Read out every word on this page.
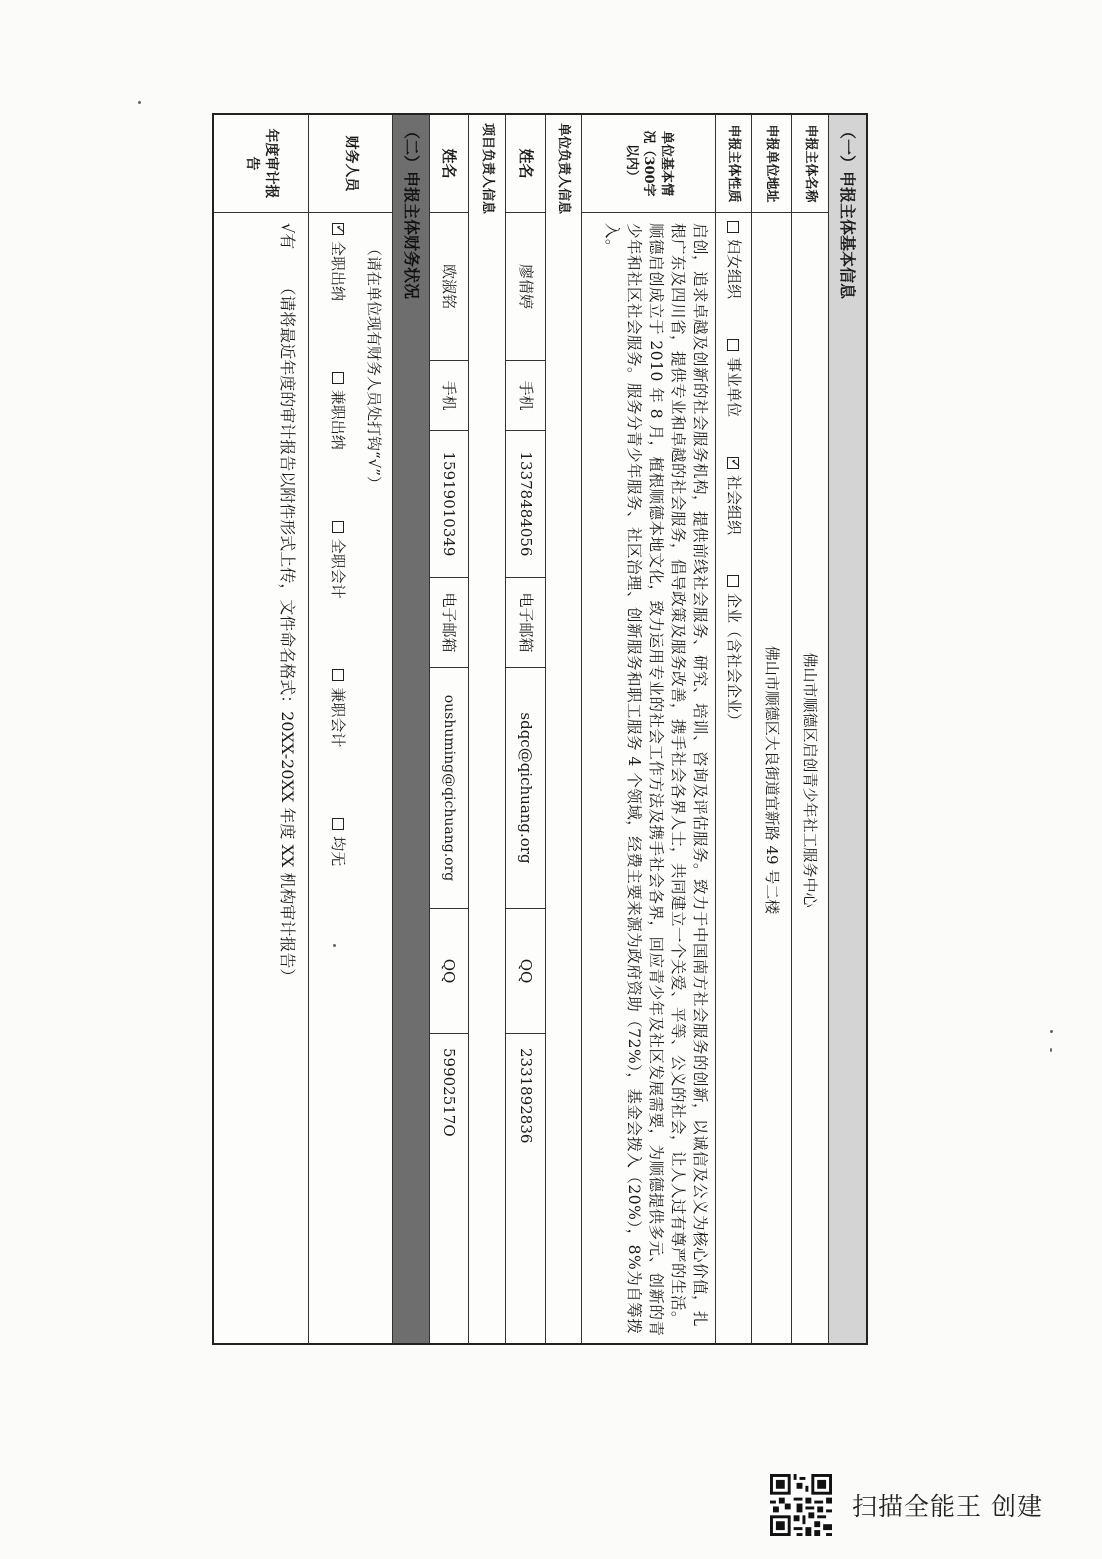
（一）申报主体基本信息
申报主体名称
佛山市顺德区启创青少年社工服务中心
申报单位地址
佛山市顺德区大良街道宜新路 49 号二楼
申报主体性质
妇女组织
事业单位
✓
社会组织
企业（含社会企业）
单位基本情况（300字以内）
启创，追求卓越及创新的社会服务机构，提供前线社会服务、研究、培训、咨询及评估服务。致力于中国南方社会服务的创新，以诚信及公义为核心价值，扎根广东及四川省，提供专业和卓越的社会服务，倡导政策及服务改善，携手社会各界人士，共同建立一个关爱、平等、公义的社会，让人人过有尊严的生活。顺德启创成立于 2010 年 8 月，植根顺德本地文化，致力运用专业的社会工作方法及携手社会各界，回应青少年及社区发展需要，为顺德提供多元、创新的青少年和社区社会服务。服务分青少年服务、社区治理、创新服务和职工服务 4 个领域，经费主要来源为政府资助（72%），基金会拨入（20%），8%为自筹拨入。
单位负责人信息
姓名
廖倩婷
手机
13378484056
电子邮箱
sdqc@qichuang.org
QQ
2331892836
项目负责人信息
姓名
欧淑铭
手机
15919010349
电子邮箱
oushuming@qichuang.org
QQ
59902517O
（二）申报主体财务状况
财务人员
（请在单位现有财务人员处打钩“√”）
✓
全职出纳

兼职出纳

全职会计

兼职会计

均无
年度审计报告
√有（请将最近年度的审计报告以附件形式上传，文件命名格式：20XX-20XX 年度 XX 机构审计报告）
扫描全能王 创建
